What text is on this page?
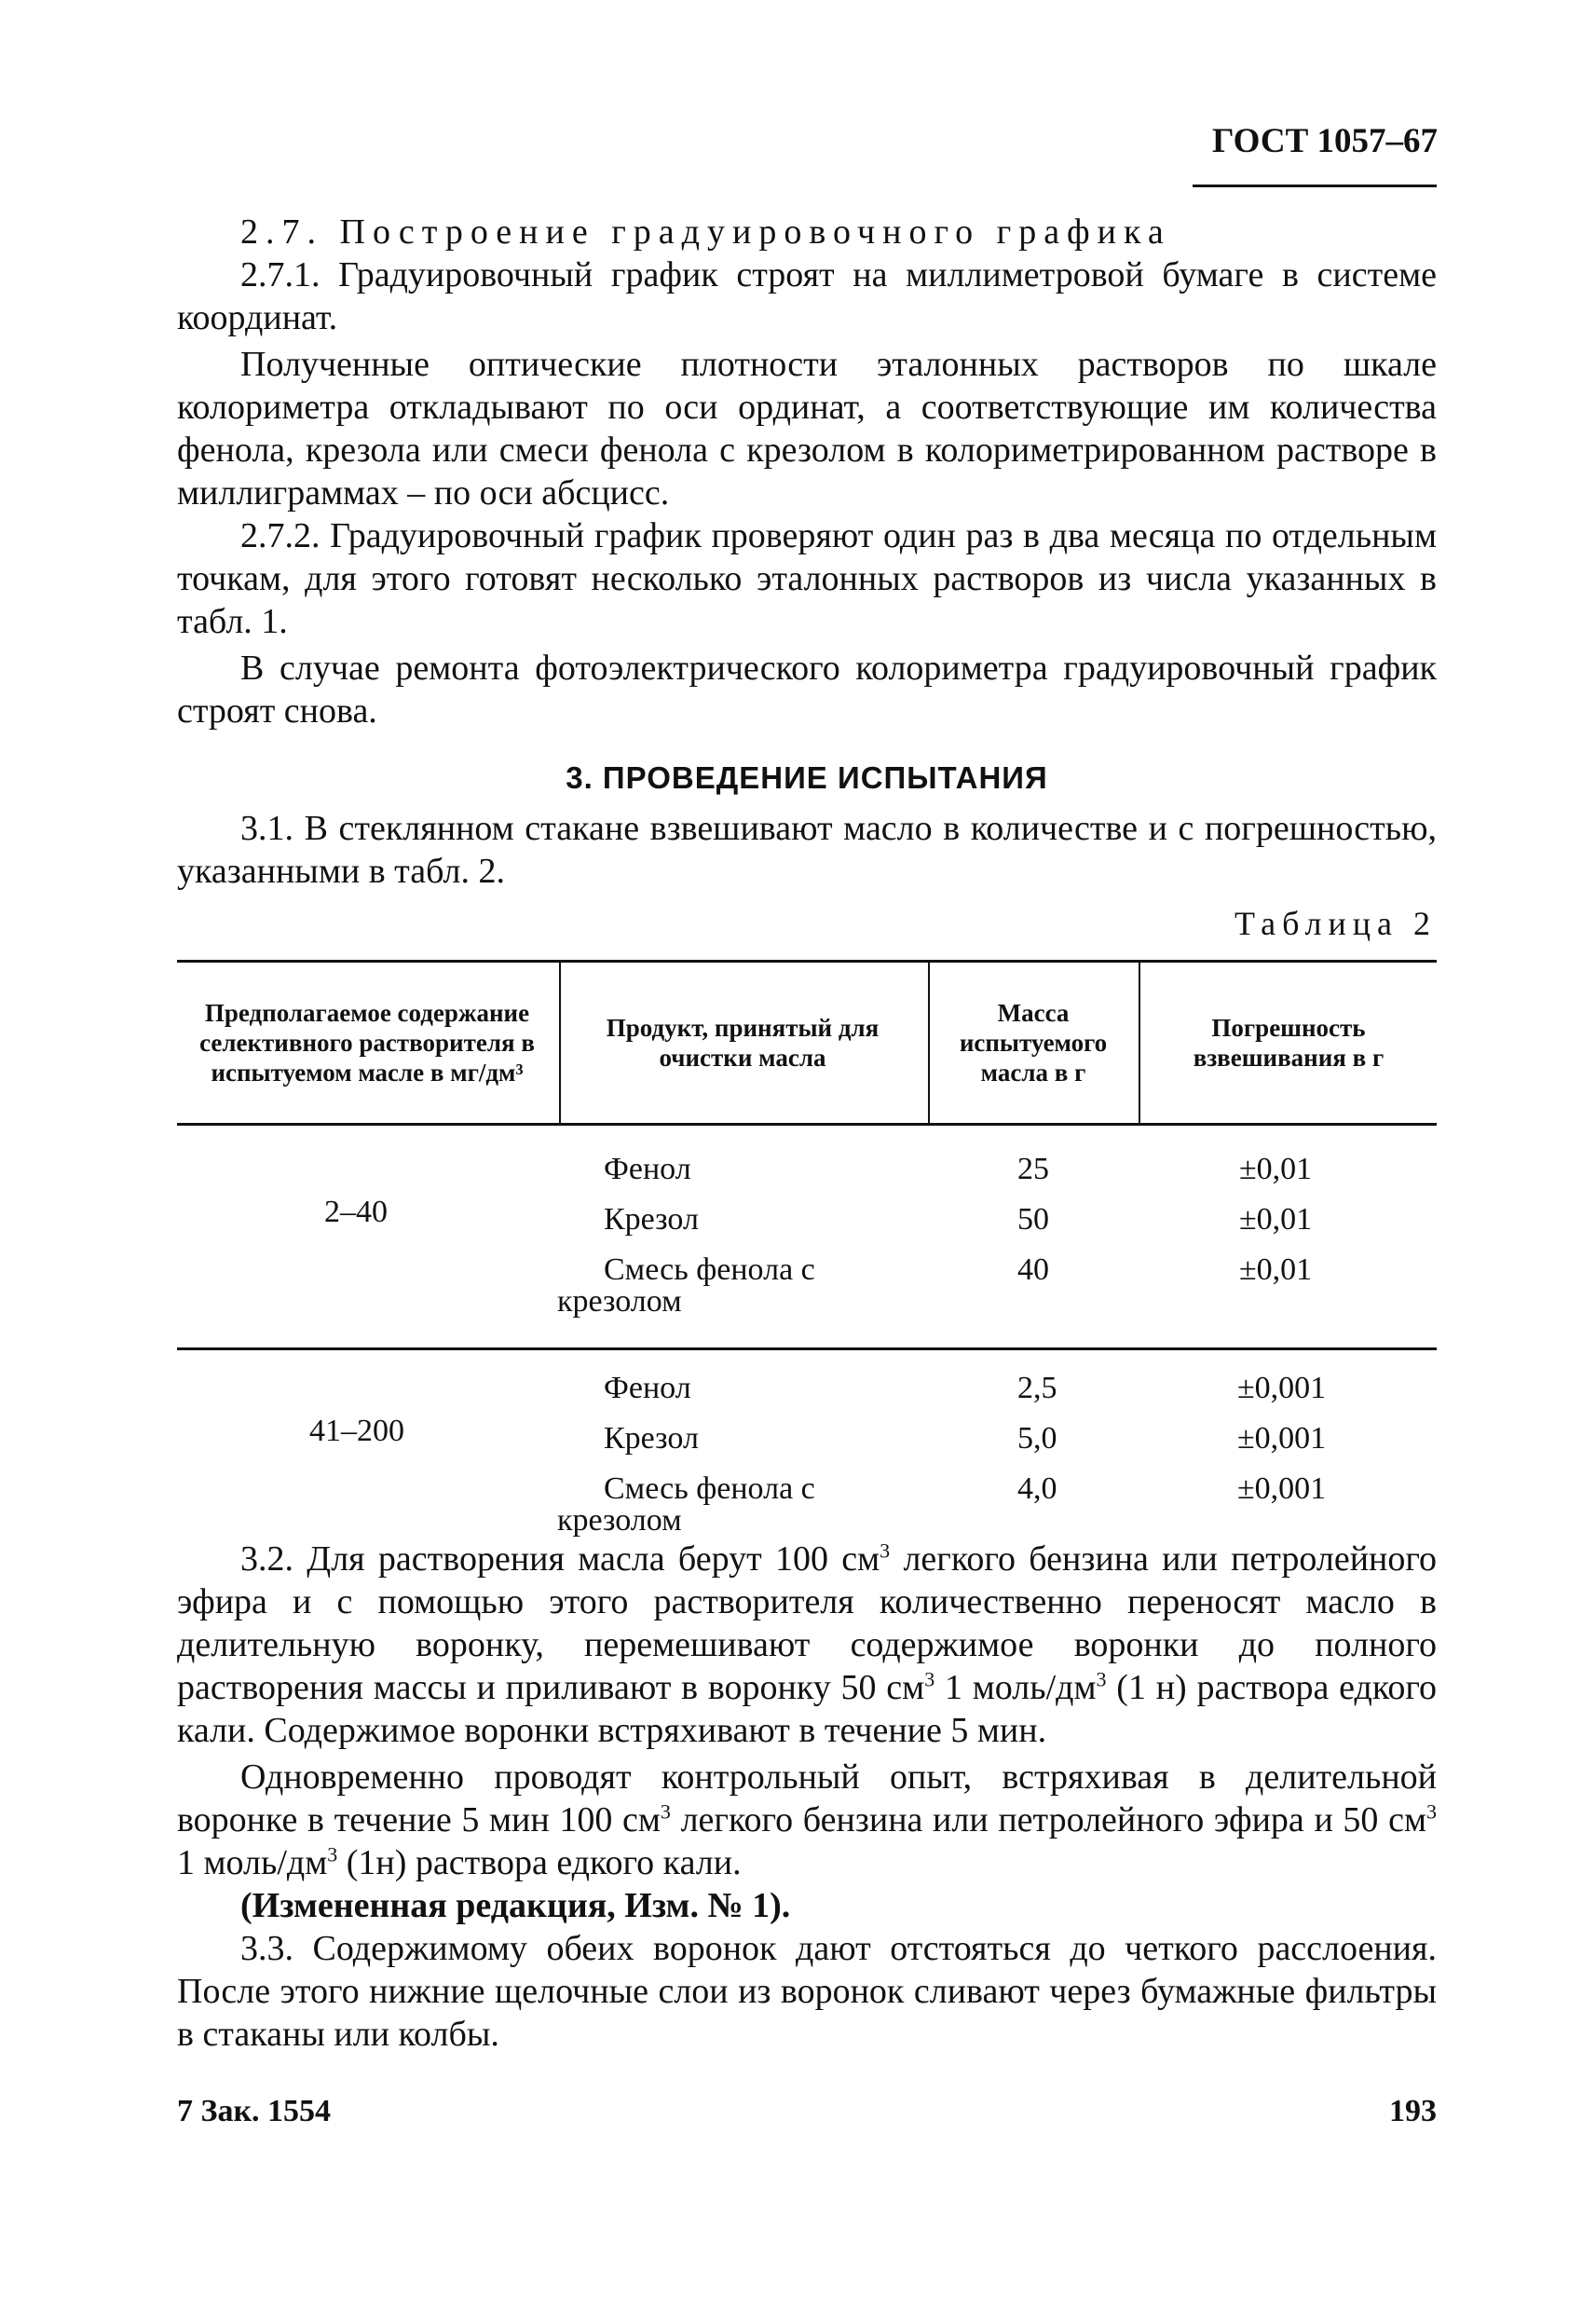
ГОСТ 1057–67

2.7. Построение градуировочного графика

2.7.1. Градуировочный график строят на миллиметровой бумаге в системе координат.

Полученные оптические плотности эталонных растворов по шкале колориметра откладывают по оси ординат, а соответствующие им количества фенола, крезола или смеси фенола с крезолом в колориметрированном растворе в миллиграммах – по оси абсцисс.

2.7.2. Градуировочный график проверяют один раз в два месяца по отдельным точкам, для этого готовят несколько эталонных растворов из числа указанных в табл. 1.

В случае ремонта фотоэлектрического колориметра градуировочный график строят снова.

3. ПРОВЕДЕНИЕ ИСПЫТАНИЯ

3.1. В стеклянном стакане взвешивают масло в количестве и с погрешностью, указанными в табл. 2.

Таблица 2
Предполагаемое содержание селективного растворителя в испытуемом масле в мг/дм³
Продукт, принятый для очистки масла
Масса испытуемого масла в г
Погрешность взвешивания в г
2–40
Фенол	25	±0,01
Крезол	50	±0,01
Смесь фенола с	40	±0,01
крезолом
41–200
Фенол	2,5	±0,001
Крезол	5,0	±0,001
Смесь фенола с	4,0	±0,001
крезолом

3.2. Для растворения масла берут 100 $см^3$ легкого бензина или петролейного эфира и с помощью этого растворителя количественно переносят масло в делительную воронку, перемешивают содержимое воронки до полного растворения массы и приливают в воронку 50 $см^3$ 1 моль/$дм^3$ (1 н) раствора едкого кали. Содержимое воронки встряхивают в течение 5 мин.

Одновременно проводят контрольный опыт, встряхивая в делительной воронке в течение 5 мин 100 $см^3$ легкого бензина или петролейного эфира и 50 $см^3$ 1 моль/$дм^3$ (1н) раствора едкого кали.

(Измененная редакция, Изм. № 1).

3.3. Содержимому обеих воронок дают отстояться до четкого расслоения. После этого нижние щелочные слои из воронок сливают через бумажные фильтры в стаканы или колбы.

7 Зак. 1554	193
